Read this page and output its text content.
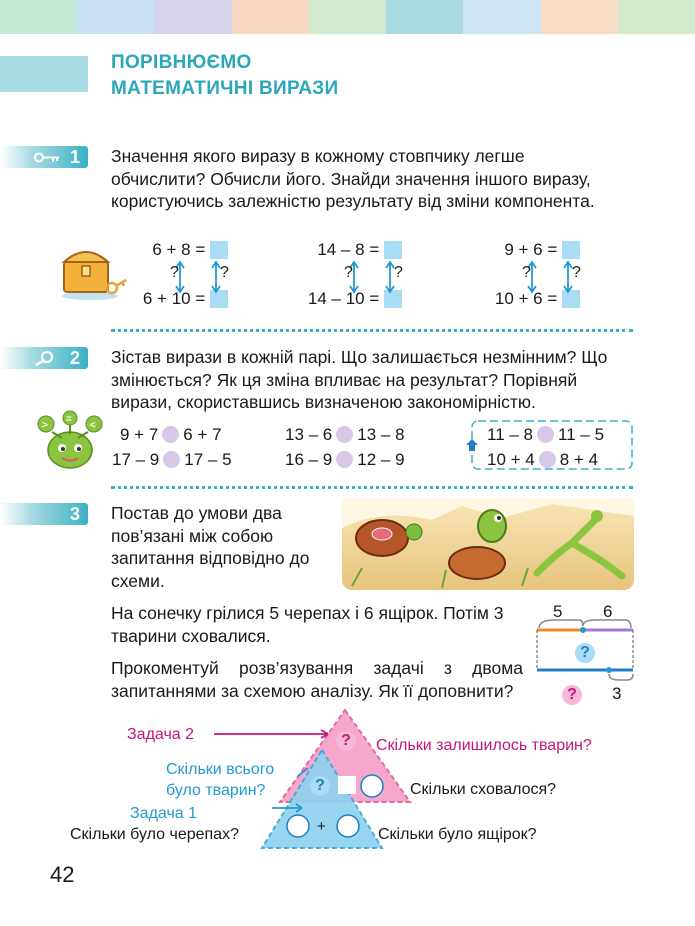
ПОРІВНЮЄМО
МАТЕМАТИЧНІ ВИРАЗИ
1	Значення якого виразу в кожному стовпчику легше обчислити? Обчисли його. Знайди значення іншого виразу, користуючись залежністю результату від зміни компонента.
6 + 8 =
6 + 10 =
?	?
14 – 8 =
14 – 10 =
?	?
9 + 6 =
10 + 6 =
?	?
2	Зістав вирази в кожній парі. Що залишається незмінним? Що змінюється? Як ця зміна впливає на результат? Порівняй вирази, скориставшись визначеною закономірністю.
>
=
< 9 + 7 6 + 7	13 – 6 13 – 8	11 – 8 11 – 5
17 – 9 17 – 5	16 – 9 12 – 9	10 + 4 8 + 4
3	Постав до умови два пов’язані між собою запитання відповідно до схеми.
На сонечку грілися 5 черепах і 6 ящірок. Потім 3 тварини сховалися.
Прокоментуй розв’язування задачі з двома запитаннями за схемою аналізу. Як її доповнити?
5 6
?
?	3
?
?
+
Задача 2
Скільки залишилось тварин?
Скільки всього
було тварин?	Скільки сховалося?
Задача 1
Скільки було черепах?	Скільки було ящірок?
42
